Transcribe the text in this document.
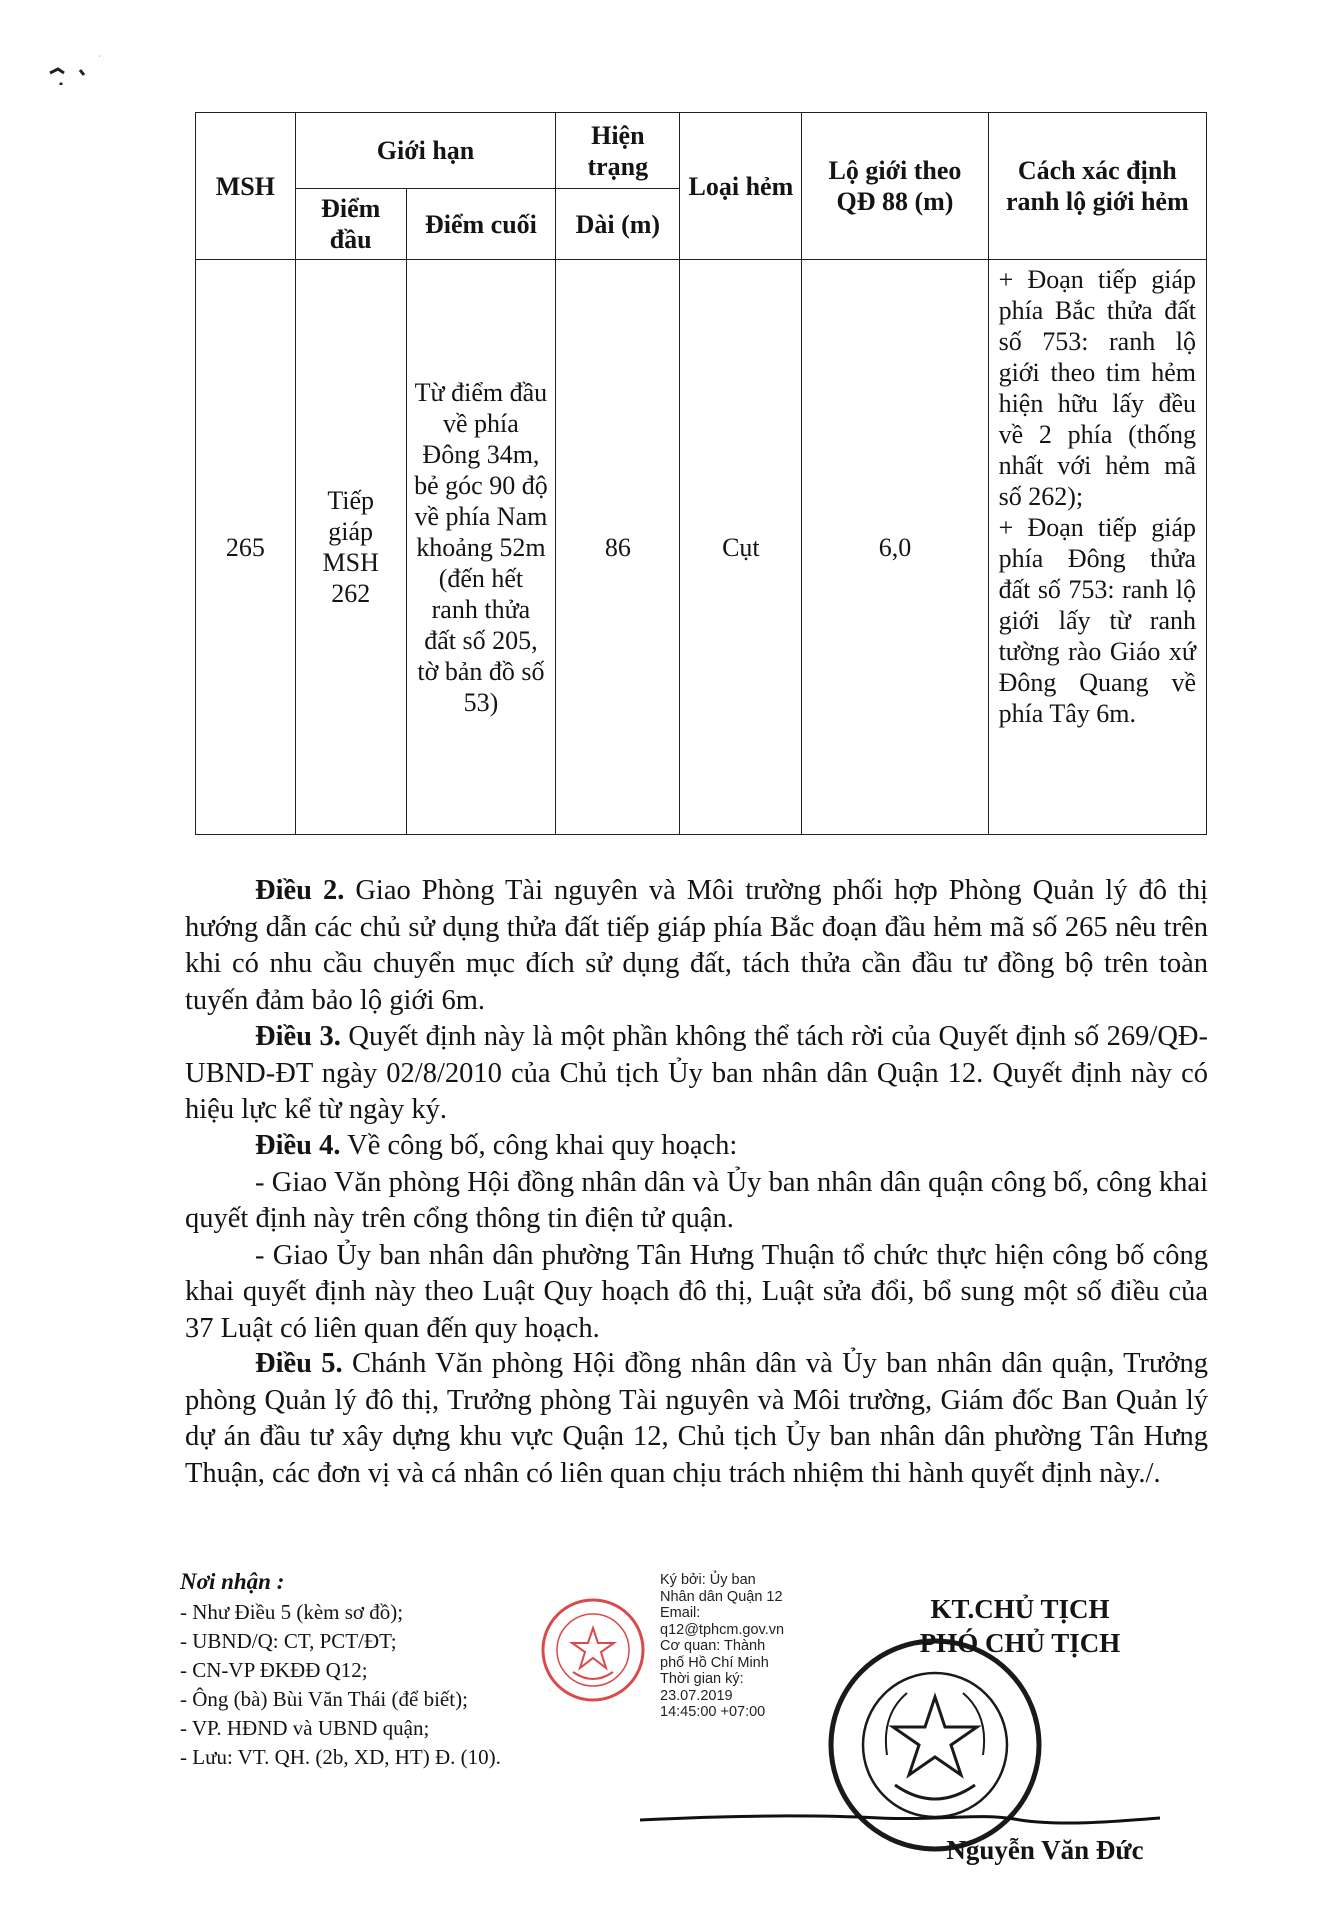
MSH	Giới hạn		Hiện trạng	Loại hẻm	Lộ giới theo QĐ 88 (m)	Cách xác định ranh lộ giới hẻm
	Điểm đầu	Điểm cuối	Dài (m)			
265	Tiếp giáp MSH 262	Từ điểm đầu về phía Đông 34m, bẻ góc 90 độ về phía Nam khoảng 52m (đến hết ranh thửa đất số 205, tờ bản đồ số 53)	86	Cụt	6,0	+ Đoạn tiếp giáp phía Bắc thửa đất số 753: ranh lộ giới theo tim hẻm hiện hữu lấy đều về 2 phía (thống nhất với hẻm mã số 262);
+ Đoạn tiếp giáp phía Đông thửa đất số 753: ranh lộ giới lấy từ ranh tường rào Giáo xứ Đông Quang về phía Tây 6m.

Điều 2. Giao Phòng Tài nguyên và Môi trường phối hợp Phòng Quản lý đô thị hướng dẫn các chủ sử dụng thửa đất tiếp giáp phía Bắc đoạn đầu hẻm mã số 265 nêu trên khi có nhu cầu chuyển mục đích sử dụng đất, tách thửa cần đầu tư đồng bộ trên toàn tuyến đảm bảo lộ giới 6m.

Điều 3. Quyết định này là một phần không thể tách rời của Quyết định số 269/QĐ-UBND-ĐT ngày 02/8/2010 của Chủ tịch Ủy ban nhân dân Quận 12. Quyết định này có hiệu lực kể từ ngày ký.

Điều 4. Về công bố, công khai quy hoạch:
- Giao Văn phòng Hội đồng nhân dân và Ủy ban nhân dân quận công bố, công khai quyết định này trên cổng thông tin điện tử quận.
- Giao Ủy ban nhân dân phường Tân Hưng Thuận tổ chức thực hiện công bố công khai quyết định này theo Luật Quy hoạch đô thị, Luật sửa đổi, bổ sung một số điều của 37 Luật có liên quan đến quy hoạch.

Điều 5. Chánh Văn phòng Hội đồng nhân dân và Ủy ban nhân dân quận, Trưởng phòng Quản lý đô thị, Trưởng phòng Tài nguyên và Môi trường, Giám đốc Ban Quản lý dự án đầu tư xây dựng khu vực Quận 12, Chủ tịch Ủy ban nhân dân phường Tân Hưng Thuận, các đơn vị và cá nhân có liên quan chịu trách nhiệm thi hành quyết định này./.

Nơi nhận :
- Như Điều 5 (kèm sơ đồ);
- UBND/Q: CT, PCT/ĐT;
- CN-VP ĐKĐĐ Q12;
- Ông (bà) Bùi Văn Thái (để biết);
- VP. HĐND và UBND quận;
- Lưu: VT. QH. (2b, XD, HT) Đ. (10).
Ký bởi: Ủy ban
Nhân dân Quận 12
Email:
q12@tphcm.gov.vn
Cơ quan: Thành
phố Hồ Chí Minh
Thời gian ký:
23.07.2019
14:45:00 +07:00
KT.CHỦ TỊCH
PHÓ CHỦ TỊCH
Nguyễn Văn Đức
